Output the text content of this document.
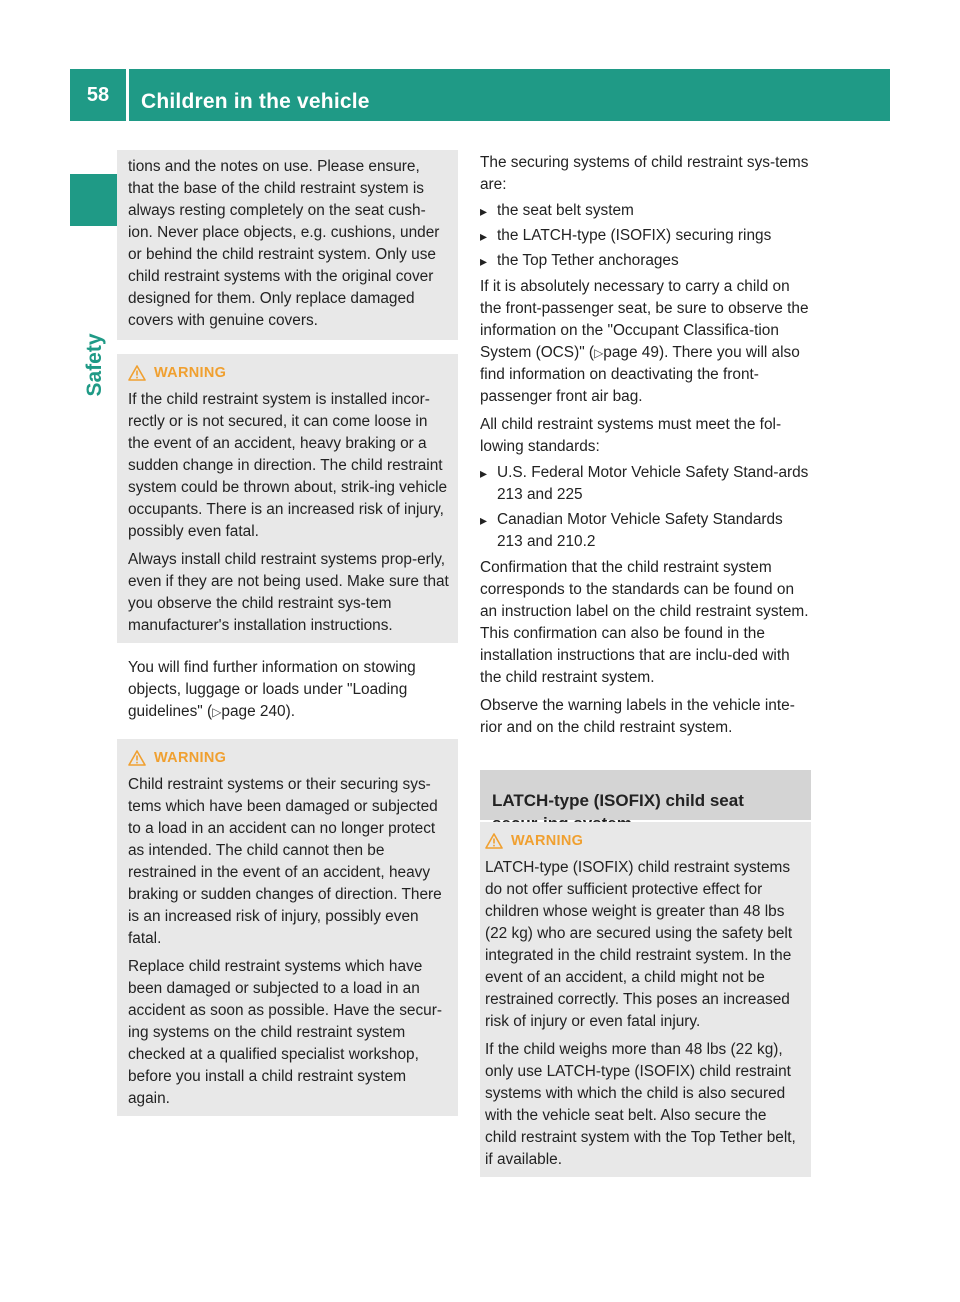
58	Children in the vehicle
Safety

tions and the notes on use. Please ensure, that the base of the child restraint system is always resting completely on the seat cush-ion. Never place objects, e.g. cushions, under or behind the child restraint system. Only use child restraint systems with the original cover designed for them. Only replace damaged covers with genuine covers.

WARNING

If the child restraint system is installed incor-rectly or is not secured, it can come loose in the event of an accident, heavy braking or a sudden change in direction. The child restraint system could be thrown about, strik-ing vehicle occupants. There is an increased risk of injury, possibly even fatal.

Always install child restraint systems prop-erly, even if they are not being used. Make sure that you observe the child restraint sys-tem manufacturer's installation instructions.

You will find further information on stowing objects, luggage or loads under "Loading guidelines" (▷page 240).

WARNING

Child restraint systems or their securing sys-tems which have been damaged or subjected to a load in an accident can no longer protect as intended. The child cannot then be restrained in the event of an accident, heavy braking or sudden changes of direction. There is an increased risk of injury, possibly even fatal.

Replace child restraint systems which have been damaged or subjected to a load in an accident as soon as possible. Have the secur-ing systems on the child restraint system checked at a qualified specialist workshop, before you install a child restraint system again.

The securing systems of child restraint sys-tems are:

▸ the seat belt system
▸ the LATCH-type (ISOFIX) securing rings
▸ the Top Tether anchorages

If it is absolutely necessary to carry a child on the front-passenger seat, be sure to observe the information on the "Occupant Classifica-tion System (OCS)" (▷page 49). There you will also find information on deactivating the front-passenger front air bag.

All child restraint systems must meet the fol-lowing standards:

▸ U.S. Federal Motor Vehicle Safety Stand-ards 213 and 225
▸ Canadian Motor Vehicle Safety Standards 213 and 210.2

Confirmation that the child restraint system corresponds to the standards can be found on an instruction label on the child restraint system. This confirmation can also be found in the installation instructions that are inclu-ded with the child restraint system.

Observe the warning labels in the vehicle inte-rior and on the child restraint system.

LATCH-type (ISOFIX) child seat
WARNING

LATCH-type (ISOFIX) child restraint systems do not offer sufficient protective effect for children whose weight is greater than 48 lbs (22 kg) who are secured using the safety belt integrated in the child restraint system. In the event of an accident, a child might not be restrained correctly. This poses an increased risk of injury or even fatal injury.

If the child weighs more than 48 lbs (22 kg), only use LATCH-type (ISOFIX) child restraint systems with which the child is also secured with the vehicle seat belt. Also secure the child restraint system with the Top Tether belt, if available.
